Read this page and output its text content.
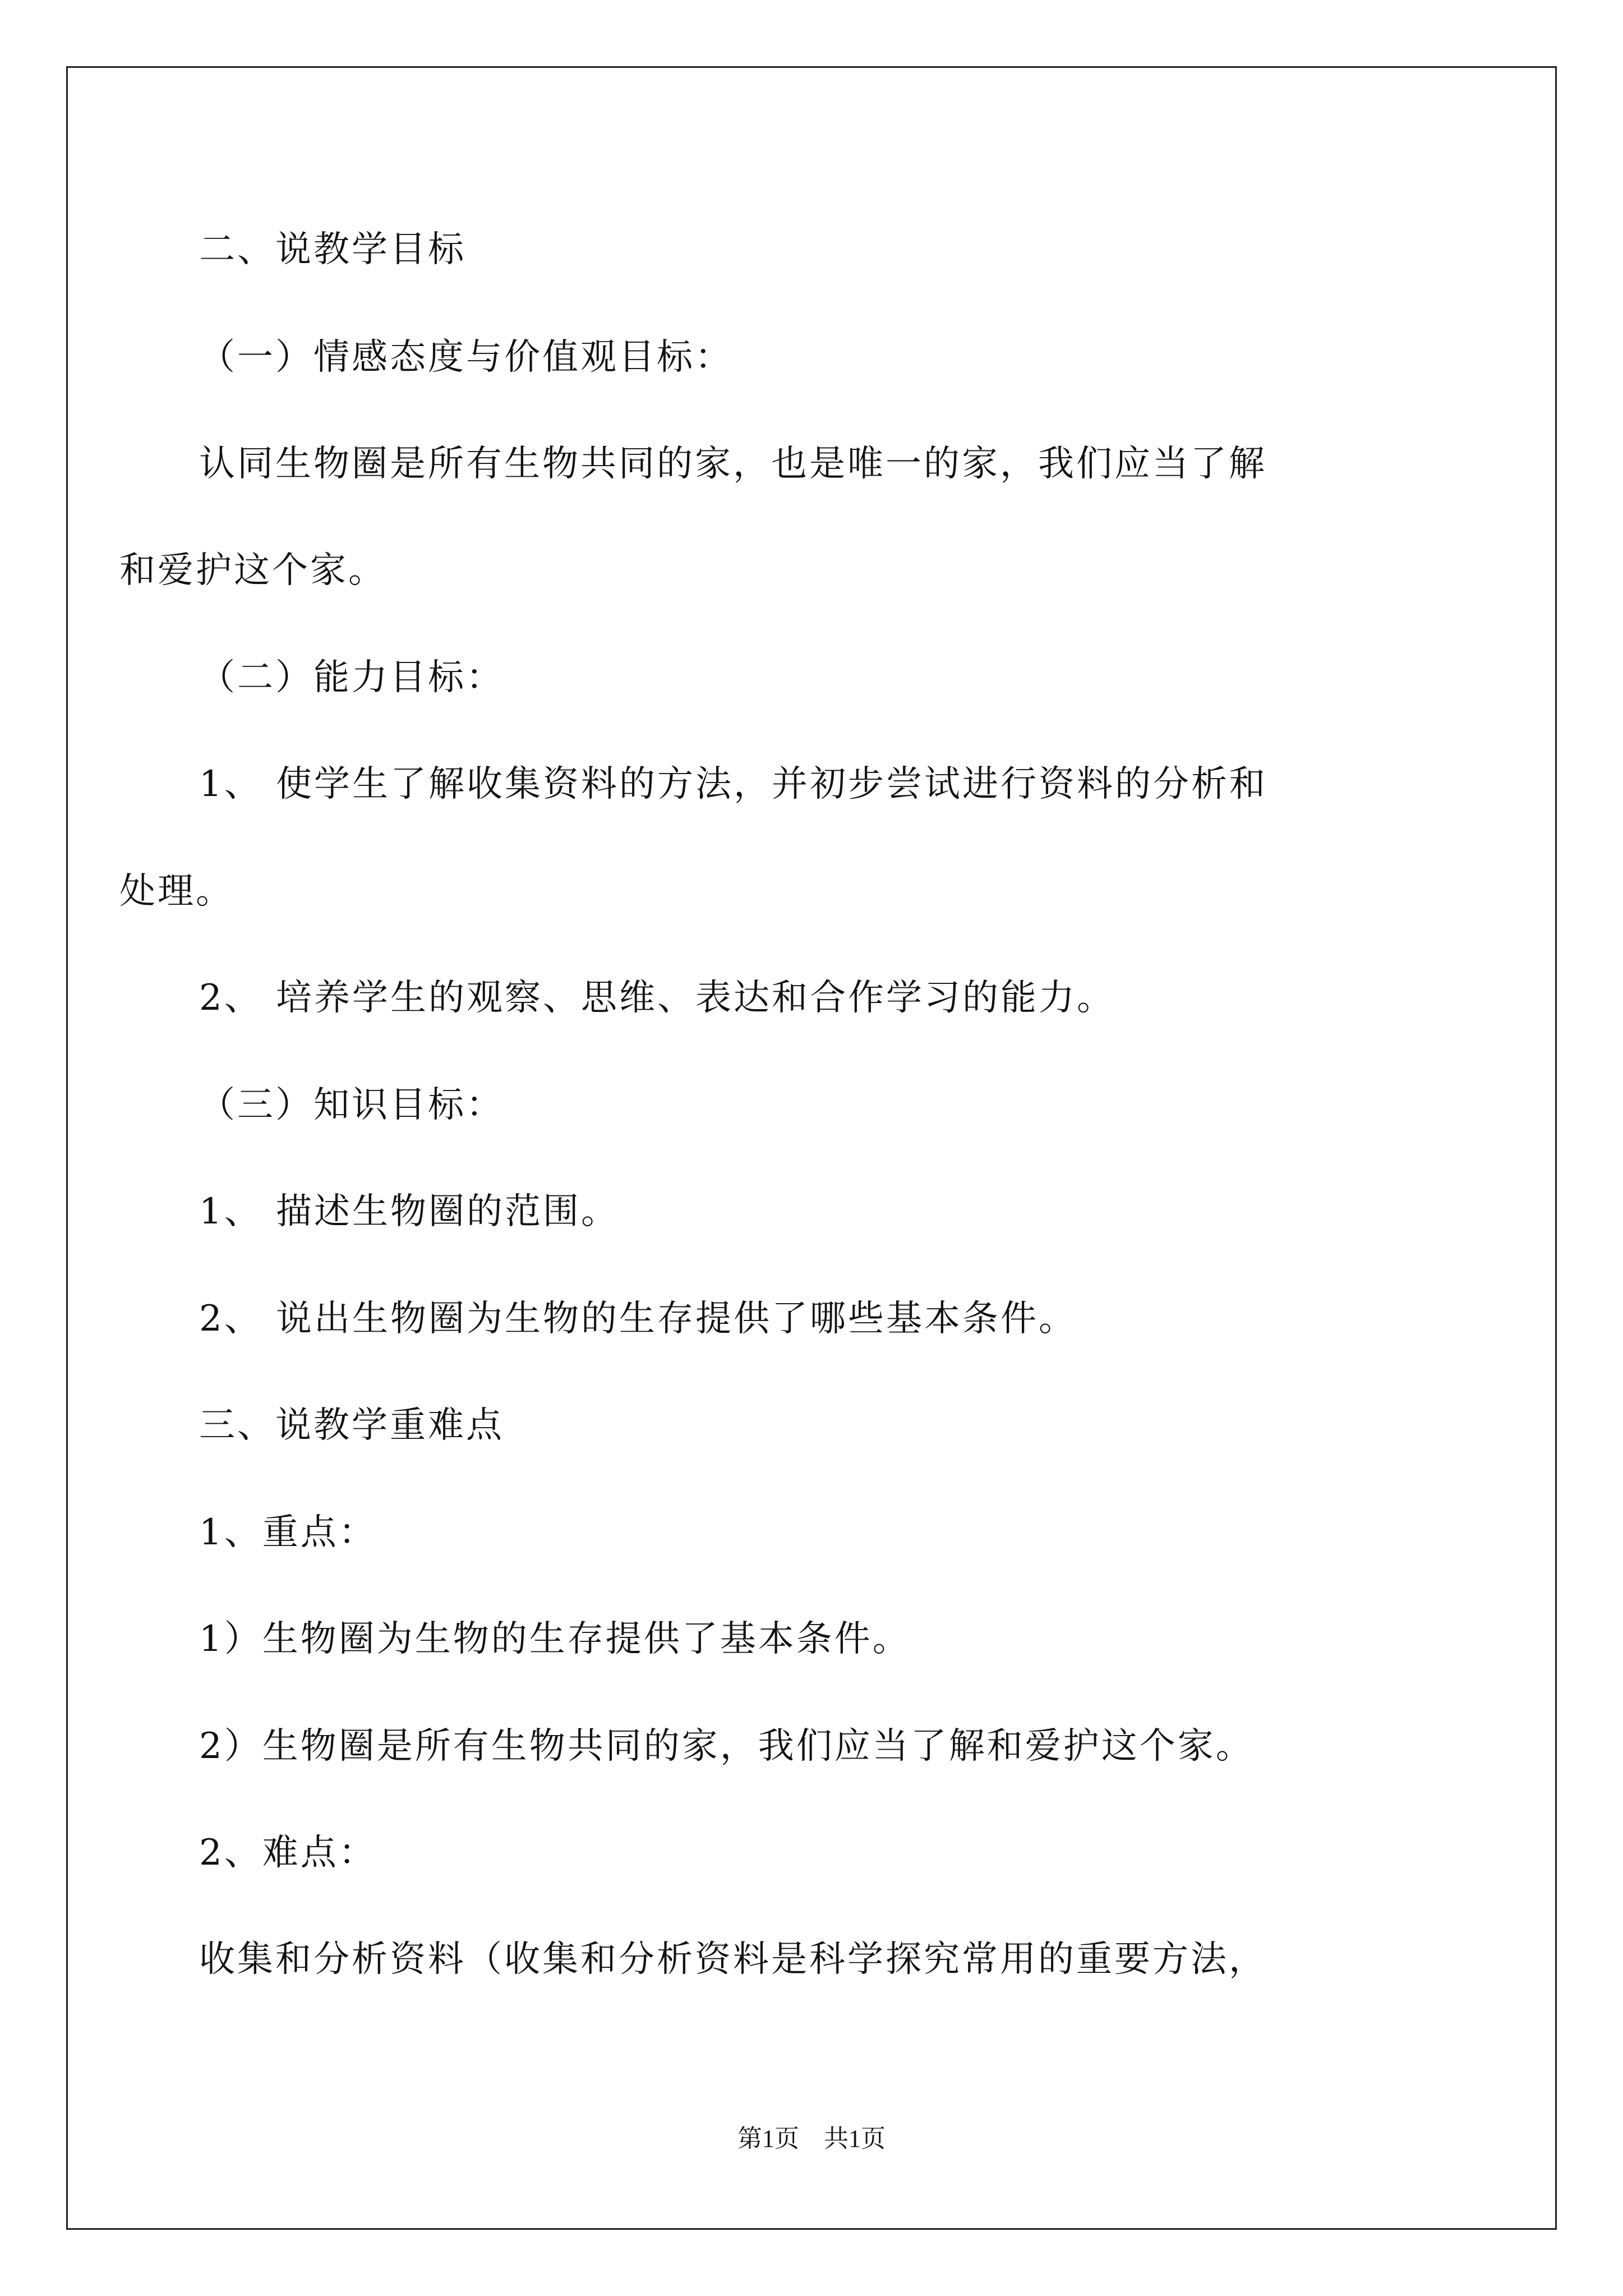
二、说教学目标
（一）情感态度与价值观目标：
认同生物圈是所有生物共同的家，也是唯一的家，我们应当了解
和爱护这个家。
（二）能力目标：
1、 使学生了解收集资料的方法，并初步尝试进行资料的分析和
处理。
2、 培养学生的观察、思维、表达和合作学习的能力。
（三）知识目标：
1、 描述生物圈的范围。
2、 说出生物圈为生物的生存提供了哪些基本条件。
三、说教学重难点
1、重点：
1）生物圈为生物的生存提供了基本条件。
2）生物圈是所有生物共同的家，我们应当了解和爱护这个家。
2、难点：
收集和分析资料（收集和分析资料是科学探究常用的重要方法，
第1页　共1页
